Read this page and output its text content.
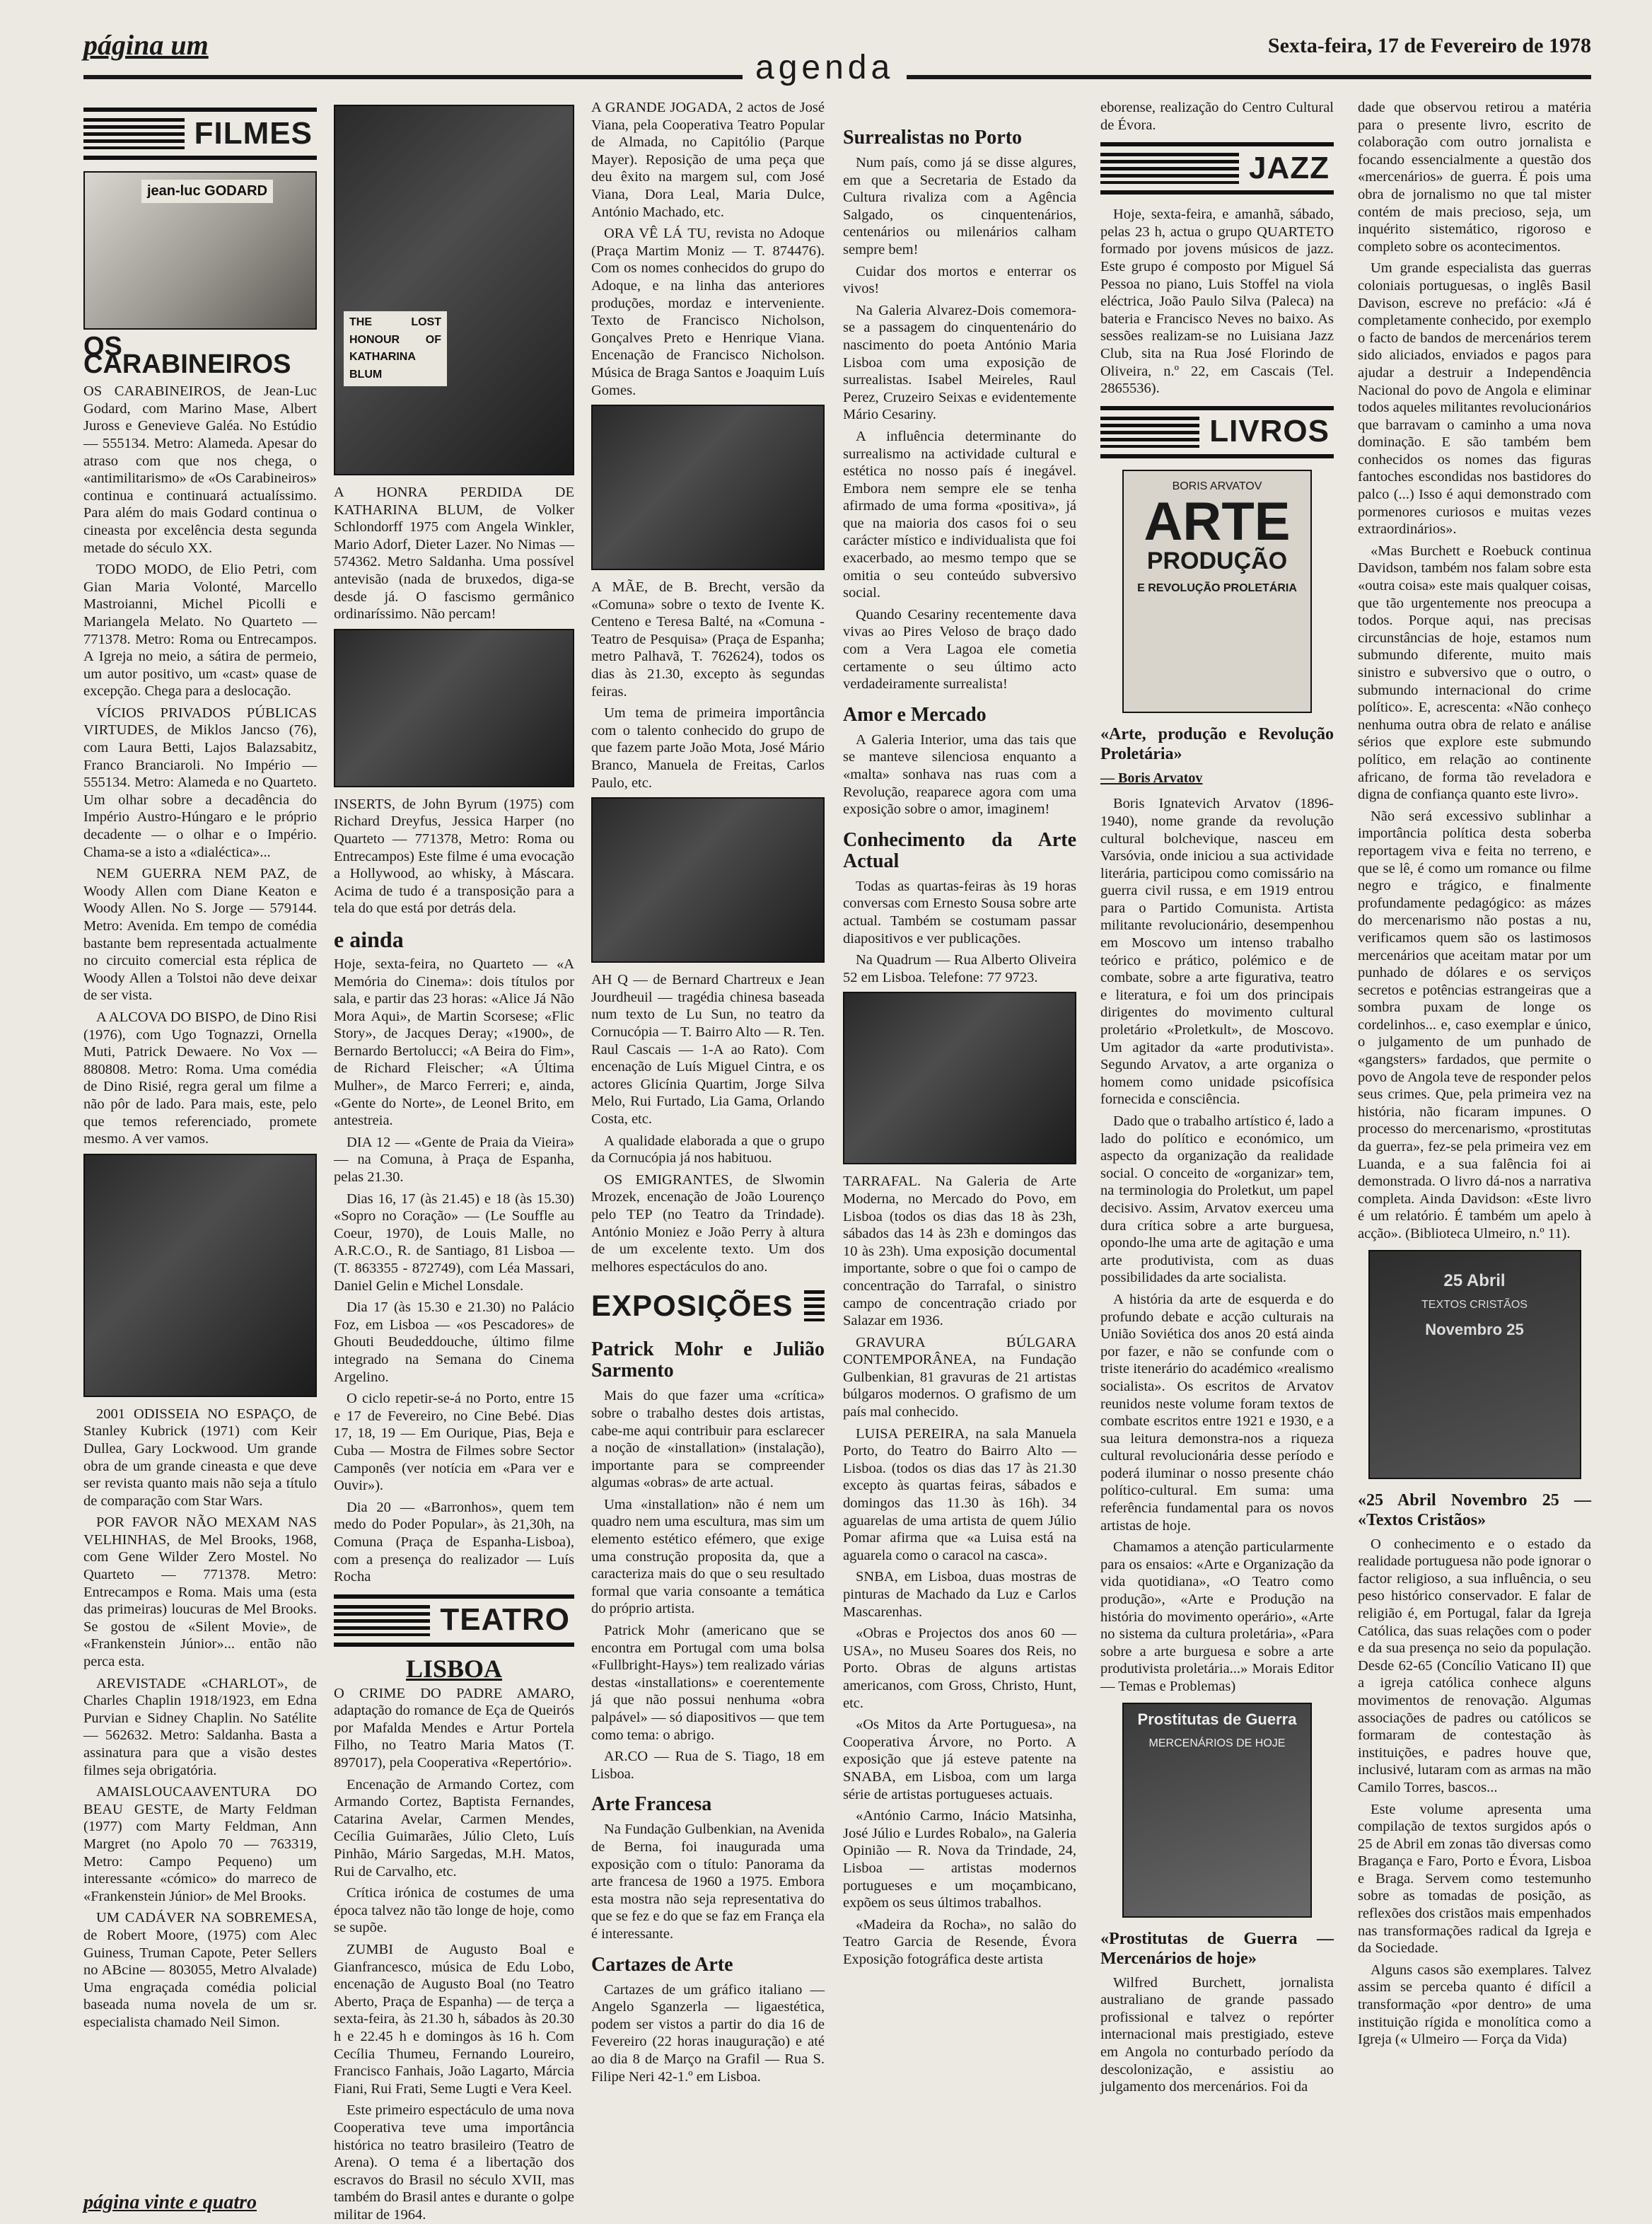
página um
agenda
Sexta-feira, 17 de Fevereiro de 1978
FILMES
jean-luc GODARD
OS CARABINEIROS

OS CARABINEIROS, de Jean-Luc Godard, com Marino Mase, Albert Juross e Genevieve Galéa. No Estúdio — 555134. Metro: Alameda. Apesar do atraso com que nos chega, o «antimilitarismo» de «Os Carabineiros» continua e continuará actualíssimo. Para além do mais Godard continua o cineasta por excelência desta segunda metade do século XX.

TODO MODO, de Elio Petri, com Gian Maria Volonté, Marcello Mastroianni, Michel Picolli e Mariangela Melato. No Quarteto — 771378. Metro: Roma ou Entrecampos. A Igreja no meio, a sátira de permeio, um autor positivo, um «cast» quase de excepção. Chega para a deslocação.

VÍCIOS PRIVADOS PÚBLICAS VIRTUDES, de Miklos Jancso (76), com Laura Betti, Lajos Balazsabitz, Franco Branciaroli. No Império — 555134. Metro: Alameda e no Quarteto. Um olhar sobre a decadência do Império Austro-Húngaro e le próprio decadente — o olhar e o Império. Chama-se a isto a «dialéctica»...

NEM GUERRA NEM PAZ, de Woody Allen com Diane Keaton e Woody Allen. No S. Jorge — 579144. Metro: Avenida. Em tempo de comédia bastante bem representada actualmente no circuito comercial esta réplica de Woody Allen a Tolstoi não deve deixar de ser vista.

A ALCOVA DO BISPO, de Dino Risi (1976), com Ugo Tognazzi, Ornella Muti, Patrick Dewaere. No Vox — 880808. Metro: Roma. Uma comédia de Dino Risié, regra geral um filme a não pôr de lado. Para mais, este, pelo que temos referenciado, promete mesmo. A ver vamos.

2001 ODISSEIA NO ESPAÇO, de Stanley Kubrick (1971) com Keir Dullea, Gary Lockwood. Um grande obra de um grande cineasta e que deve ser revista quanto mais não seja a título de comparação com Star Wars.

POR FAVOR NÃO MEXAM NAS VELHINHAS, de Mel Brooks, 1968, com Gene Wilder Zero Mostel. No Quarteto — 771378. Metro: Entrecampos e Roma. Mais uma (esta das primeiras) loucuras de Mel Brooks. Se gostou de «Silent Movie», de «Frankenstein Júnior»... então não perca esta.

AREVISTADE «CHARLOT», de Charles Chaplin 1918/1923, em Edna Purvian e Sidney Chaplin. No Satélite — 562632. Metro: Saldanha. Basta a assinatura para que a visão destes filmes seja obrigatória.

AMAISLOUCAAVENTURA DO BEAU GESTE, de Marty Feldman (1977) com Marty Feldman, Ann Margret (no Apolo 70 — 763319, Metro: Campo Pequeno) um interessante «cómico» do marreco de «Frankenstein Júnior» de Mel Brooks.

UM CADÁVER NA SOBREMESA, de Robert Moore, (1975) com Alec Guiness, Truman Capote, Peter Sellers no ABcine — 803055, Metro Alvalade) Uma engraçada comédia policial baseada numa novela de um sr. especialista chamado Neil Simon.

THE LOST HONOUR OF KATHARINA BLUM

A HONRA PERDIDA DE KATHARINA BLUM, de Volker Schlondorff 1975 com Angela Winkler, Mario Adorf, Dieter Lazer. No Nimas — 574362. Metro Saldanha. Uma possível antevisão (nada de bruxedos, diga-se desde já. O fascismo germânico ordinaríssimo. Não percam!

INSERTS, de John Byrum (1975) com Richard Dreyfus, Jessica Harper (no Quarteto — 771378, Metro: Roma ou Entrecampos) Este filme é uma evocação a Hollywood, ao whisky, à Máscara. Acima de tudo é a transposição para a tela do que está por detrás dela.

e ainda

Hoje, sexta-feira, no Quarteto — «A Memória do Cinema»: dois títulos por sala, e partir das 23 horas: «Alice Já Não Mora Aqui», de Martin Scorsese; «Flic Story», de Jacques Deray; «1900», de Bernardo Bertolucci; «A Beira do Fim», de Richard Fleischer; «A Última Mulher», de Marco Ferreri; e, ainda, «Gente do Norte», de Leonel Brito, em antestreia.

DIA 12 — «Gente de Praia da Vieira» — na Comuna, à Praça de Espanha, pelas 21.30.

Dias 16, 17 (às 21.45) e 18 (às 15.30) «Sopro no Coração» — (Le Souffle au Coeur, 1970), de Louis Malle, no A.R.C.O., R. de Santiago, 81 Lisboa — (T. 863355 - 872749), com Léa Massari, Daniel Gelin e Michel Lonsdale.

Dia 17 (às 15.30 e 21.30) no Palácio Foz, em Lisboa — «os Pescadores» de Ghouti Beudeddouche, último filme integrado na Semana do Cinema Argelino.

O ciclo repetir-se-á no Porto, entre 15 e 17 de Fevereiro, no Cine Bebé. Dias 17, 18, 19 — Em Ourique, Pias, Beja e Cuba — Mostra de Filmes sobre Sector Camponês (ver notícia em «Para ver e Ouvir»).

Dia 20 — «Barronhos», quem tem medo do Poder Popular», às 21,30h, na Comuna (Praça de Espanha-Lisboa), com a presença do realizador — Luís Rocha

TEATRO
LISBOA

O CRIME DO PADRE AMARO, adaptação do romance de Eça de Queirós por Mafalda Mendes e Artur Portela Filho, no Teatro Maria Matos (T. 897017), pela Cooperativa «Repertório».

Encenação de Armando Cortez, com Armando Cortez, Baptista Fernandes, Catarina Avelar, Carmen Mendes, Cecília Guimarães, Júlio Cleto, Luís Pinhão, Mário Sargedas, M.H. Matos, Rui de Carvalho, etc.

Crítica irónica de costumes de uma época talvez não tão longe de hoje, como se supõe.

ZUMBI de Augusto Boal e Gianfrancesco, música de Edu Lobo, encenação de Augusto Boal (no Teatro Aberto, Praça de Espanha) — de terça a sexta-feira, às 21.30 h, sábados às 20.30 h e 22.45 h e domingos às 16 h. Com Cecília Thumeu, Fernando Loureiro, Francisco Fanhais, João Lagarto, Márcia Fiani, Rui Frati, Seme Lugti e Vera Keel.

Este primeiro espectáculo de uma nova Cooperativa teve uma importância histórica no teatro brasileiro (Teatro de Arena). O tema é a libertação dos escravos do Brasil no século XVII, mas também do Brasil antes e durante o golpe militar de 1964.

A GRANDE JOGADA, 2 actos de José Viana, pela Cooperativa Teatro Popular de Almada, no Capitólio (Parque Mayer). Reposição de uma peça que deu êxito na margem sul, com José Viana, Dora Leal, Maria Dulce, António Machado, etc.

ORA VÊ LÁ TU, revista no Adoque (Praça Martim Moniz — T. 874476). Com os nomes conhecidos do grupo do Adoque, e na linha das anteriores produções, mordaz e interveniente. Texto de Francisco Nicholson, Gonçalves Preto e Henrique Viana. Encenação de Francisco Nicholson. Música de Braga Santos e Joaquim Luís Gomes.

A MÃE, de B. Brecht, versão da «Comuna» sobre o texto de Ivente K. Centeno e Teresa Balté, na «Comuna - Teatro de Pesquisa» (Praça de Espanha; metro Palhavã, T. 762624), todos os dias às 21.30, excepto às segundas feiras.

Um tema de primeira importância com o talento conhecido do grupo de que fazem parte João Mota, José Mário Branco, Manuela de Freitas, Carlos Paulo, etc.

AH Q — de Bernard Chartreux e Jean Jourdheuil — tragédia chinesa baseada num texto de Lu Sun, no teatro da Cornucópia — T. Bairro Alto — R. Ten. Raul Cascais — 1-A ao Rato). Com encenação de Luís Miguel Cintra, e os actores Glicínia Quartim, Jorge Silva Melo, Rui Furtado, Lia Gama, Orlando Costa, etc.

A qualidade elaborada a que o grupo da Cornucópia já nos habituou.

OS EMIGRANTES, de Slwomin Mrozek, encenação de João Lourenço pelo TEP (no Teatro da Trindade). António Moniez e João Perry à altura de um excelente texto. Um dos melhores espectáculos do ano.

EXPOSIÇÕES
Patrick Mohr e Julião Sarmento

Mais do que fazer uma «crítica» sobre o trabalho destes dois artistas, cabe-me aqui contribuir para esclarecer a noção de «installation» (instalação), importante para se compreender algumas «obras» de arte actual.

Uma «installation» não é nem um quadro nem uma escultura, mas sim um elemento estético efémero, que exige uma construção proposita da, que a caracteriza mais do que o seu resultado formal que varia consoante a temática do próprio artista.

Patrick Mohr (americano que se encontra em Portugal com uma bolsa «Fullbright-Hays») tem realizado várias destas «installations» e coerentemente já que não possui nenhuma «obra palpável» — só diapositivos — que tem como tema: o abrigo.

AR.CO — Rua de S. Tiago, 18 em Lisboa.

Arte Francesa

Na Fundação Gulbenkian, na Avenida de Berna, foi inaugurada uma exposição com o título: Panorama da arte francesa de 1960 a 1975. Embora esta mostra não seja representativa do que se fez e do que se faz em França ela é interessante.

Cartazes de Arte

Cartazes de um gráfico italiano — Angelo Sganzerla — ligaestética, podem ser vistos a partir do dia 16 de Fevereiro (22 horas inauguração) e até ao dia 8 de Março na Grafil — Rua S. Filipe Neri 42-1.º em Lisboa.

Surrealistas no Porto

Num país, como já se disse algures, em que a Secretaria de Estado da Cultura rivaliza com a Agência Salgado, os cinquentenários, centenários ou milenários calham sempre bem!

Cuidar dos mortos e enterrar os vivos!

Na Galeria Alvarez-Dois comemora-se a passagem do cinquentenário do nascimento do poeta António Maria Lisboa com uma exposição de surrealistas. Isabel Meireles, Raul Perez, Cruzeiro Seixas e evidentemente Mário Cesariny.

A influência determinante do surrealismo na actividade cultural e estética no nosso país é inegável. Embora nem sempre ele se tenha afirmado de uma forma «positiva», já que na maioria dos casos foi o seu carácter místico e individualista que foi exacerbado, ao mesmo tempo que se omitia o seu conteúdo subversivo social.

Quando Cesariny recentemente dava vivas ao Pires Veloso de braço dado com a Vera Lagoa ele cometia certamente o seu último acto verdadeiramente surrealista!

Amor e Mercado

A Galeria Interior, uma das tais que se manteve silenciosa enquanto a «malta» sonhava nas ruas com a Revolução, reaparece agora com uma exposição sobre o amor, imaginem!

Conhecimento da Arte Actual

Todas as quartas-feiras às 19 horas conversas com Ernesto Sousa sobre arte actual. Também se costumam passar diapositivos e ver publicações.

Na Quadrum — Rua Alberto Oliveira 52 em Lisboa. Telefone: 77 9723.

TARRAFAL. Na Galeria de Arte Moderna, no Mercado do Povo, em Lisboa (todos os dias das 18 às 23h, sábados das 14 às 23h e domingos das 10 às 23h). Uma exposição documental importante, sobre o que foi o campo de concentração do Tarrafal, o sinistro campo de concentração criado por Salazar em 1936.

GRAVURA BÚLGARA CONTEMPORÂNEA, na Fundação Gulbenkian, 81 gravuras de 21 artistas búlgaros modernos. O grafismo de um país mal conhecido.

LUISA PEREIRA, na sala Manuela Porto, do Teatro do Bairro Alto — Lisboa. (todos os dias das 17 às 21.30 excepto às quartas feiras, sábados e domingos das 11.30 às 16h). 34 aguarelas de uma artista de quem Júlio Pomar afirma que «a Luisa está na aguarela como o caracol na casca».

SNBA, em Lisboa, duas mostras de pinturas de Machado da Luz e Carlos Mascarenhas.

«Obras e Projectos dos anos 60 — USA», no Museu Soares dos Reis, no Porto. Obras de alguns artistas americanos, com Gross, Christo, Hunt, etc.

«Os Mitos da Arte Portuguesa», na Cooperativa Árvore, no Porto. A exposição que já esteve patente na SNABA, em Lisboa, com um larga série de artistas portugueses actuais.

«António Carmo, Inácio Matsinha, José Júlio e Lurdes Robalo», na Galeria Opinião — R. Nova da Trindade, 24, Lisboa — artistas modernos portugueses e um moçambicano, expõem os seus últimos trabalhos.

«Madeira da Rocha», no salão do Teatro Garcia de Resende, Évora Exposição fotográfica deste artista

eborense, realização do Centro Cultural de Évora.

JAZZ

Hoje, sexta-feira, e amanhã, sábado, pelas 23 h, actua o grupo QUARTETO formado por jovens músicos de jazz. Este grupo é composto por Miguel Sá Pessoa no piano, Luis Stoffel na viola eléctrica, João Paulo Silva (Paleca) na bateria e Francisco Neves no baixo. As sessões realizam-se no Luisiana Jazz Club, sita na Rua José Florindo de Oliveira, n.º 22, em Cascais (Tel. 2865536).

LIVROS
BORIS ARVATOV
ARTE
PRODUÇÃO
E REVOLUÇÃO PROLETÁRIA
«Arte, produção e Revolução Proletária»
— Boris Arvatov

Boris Ignatevich Arvatov (1896-1940), nome grande da revolução cultural bolchevique, nasceu em Varsóvia, onde iniciou a sua actividade literária, participou como comissário na guerra civil russa, e em 1919 entrou para o Partido Comunista. Artista militante revolucionário, desempenhou em Moscovo um intenso trabalho teórico e prático, polémico e de combate, sobre a arte figurativa, teatro e literatura, e foi um dos principais dirigentes do movimento cultural proletário «Proletkult», de Moscovo. Um agitador da «arte produtivista». Segundo Arvatov, a arte organiza o homem como unidade psicofísica fornecida e consciência.

Dado que o trabalho artístico é, lado a lado do político e económico, um aspecto da organização da realidade social. O conceito de «organizar» tem, na terminologia do Proletkut, um papel decisivo. Assim, Arvatov exerceu uma dura crítica sobre a arte burguesa, opondo-lhe uma arte de agitação e uma arte produtivista, com as duas possibilidades da arte socialista.

A história da arte de esquerda e do profundo debate e acção culturais na União Soviética dos anos 20 está ainda por fazer, e não se confunde com o triste itenerário do académico «realismo socialista». Os escritos de Arvatov reunidos neste volume foram textos de combate escritos entre 1921 e 1930, e a sua leitura demonstra-nos a riqueza cultural revolucionária desse período e poderá iluminar o nosso presente cháo político-cultural. Em suma: uma referência fundamental para os novos artistas de hoje.

Chamamos a atenção particularmente para os ensaios: «Arte e Organização da vida quotidiana», «O Teatro como produção», «Arte e Produção na história do movimento operário», «Arte no sistema da cultura proletária», «Para sobre a arte burguesa e sobre a arte produtivista proletária...» Morais Editor — Temas e Problemas)

Prostitutas de Guerra
MERCENÁRIOS DE HOJE
«Prostitutas de Guerra — Mercenários de hoje»

Wilfred Burchett, jornalista australiano de grande passado profissional e talvez o repórter internacional mais prestigiado, esteve em Angola no conturbado período da descolonização, e assistiu ao julgamento dos mercenários. Foi da

dade que observou retirou a matéria para o presente livro, escrito de colaboração com outro jornalista e focando essencialmente a questão dos «mercenários» de guerra. É pois uma obra de jornalismo no que tal mister contém de mais precioso, seja, um inquérito sistemático, rigoroso e completo sobre os acontecimentos.

Um grande especialista das guerras coloniais portuguesas, o inglês Basil Davison, escreve no prefácio: «Já é completamente conhecido, por exemplo o facto de bandos de mercenários terem sido aliciados, enviados e pagos para ajudar a destruir a Independência Nacional do povo de Angola e eliminar todos aqueles militantes revolucionários que barravam o caminho a uma nova dominação. E são também bem conhecidos os nomes das figuras fantoches escondidas nos bastidores do palco (...) Isso é aqui demonstrado com pormenores curiosos e muitas vezes extraordinários».

«Mas Burchett e Roebuck continua Davidson, também nos falam sobre esta «outra coisa» este mais qualquer coisas, que tão urgentemente nos preocupa a todos. Porque aqui, nas precisas circunstâncias de hoje, estamos num submundo diferente, muito mais sinistro e subversivo que o outro, o submundo internacional do crime político». E, acrescenta: «Não conheço nenhuma outra obra de relato e análise sérios que explore este submundo político, em relação ao continente africano, de forma tão reveladora e digna de confiança quanto este livro».

Não será excessivo sublinhar a importância política desta soberba reportagem viva e feita no terreno, e que se lê, é como um romance ou filme negro e trágico, e finalmente profundamente pedagógico: as mázes do mercenarismo não postas a nu, verificamos quem são os lastimosos mercenários que aceitam matar por um punhado de dólares e os serviços secretos e potências estrangeiras que a sombra puxam de longe os cordelinhos... e, caso exemplar e único, o julgamento de um punhado de «gangsters» fardados, que permite o povo de Angola teve de responder pelos seus crimes. Que, pela primeira vez na história, não ficaram impunes. O processo do mercenarismo, «prostitutas da guerra», fez-se pela primeira vez em Luanda, e a sua falência foi ai demonstrada. O livro dá-nos a narrativa completa. Ainda Davidson: «Este livro é um relatório. É também um apelo à acção». (Biblioteca Ulmeiro, n.º 11).

25 Abril
TEXTOS CRISTÃOS
Novembro 25
«25 Abril Novembro 25 — «Textos Cristãos»

O conhecimento e o estado da realidade portuguesa não pode ignorar o factor religioso, a sua influência, o seu peso histórico conservador. E falar de religião é, em Portugal, falar da Igreja Católica, das suas relações com o poder e da sua presença no seio da população. Desde 62-65 (Concílio Vaticano II) que a igreja católica conhece alguns movimentos de renovação. Algumas associações de padres ou católicos se formaram de contestação às instituições, e padres houve que, inclusivé, lutaram com as armas na mão Camilo Torres, bascos...

Este volume apresenta uma compilação de textos surgidos após o 25 de Abril em zonas tão diversas como Bragança e Faro, Porto e Évora, Lisboa e Braga. Servem como testemunho sobre as tomadas de posição, as reflexões dos cristãos mais empenhados nas transformações radical da Igreja e da Sociedade.

Alguns casos são exemplares. Talvez assim se perceba quanto é difícil a transformação «por dentro» de uma instituição rígida e monolítica como a Igreja (« Ulmeiro — Força da Vida)

página vinte e quatro
